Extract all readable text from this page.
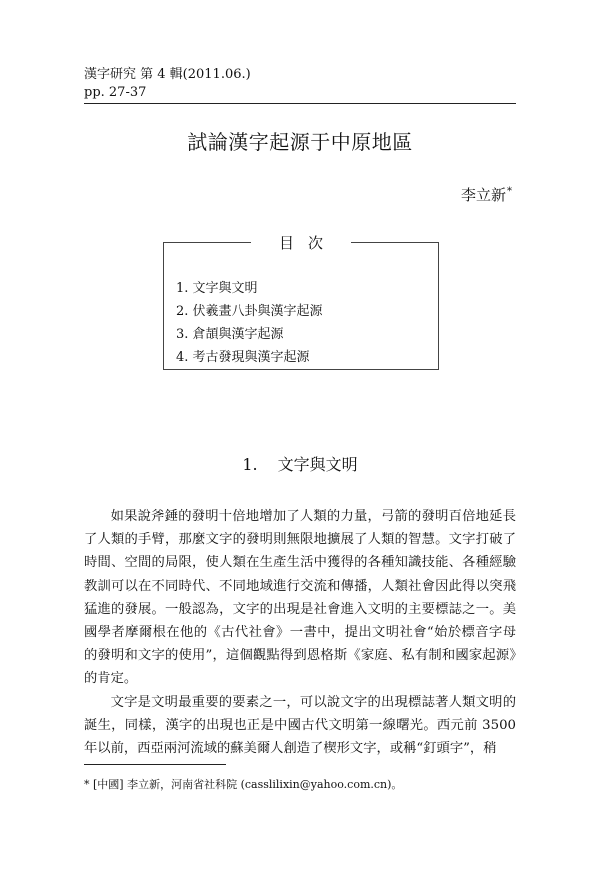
漢字研究 第 4 輯(2011.06.)
pp. 27-37
試論漢字起源于中原地區
李立新*
目次
1. 文字與文明
2. 伏羲畫八卦與漢字起源
3. 倉頡與漢字起源
4. 考古發現與漢字起源
1. 文字與文明

如果說斧錘的發明十倍地增加了人類的力量，弓箭的發明百倍地延長了人類的手臂，那麼文字的發明則無限地擴展了人類的智慧。文字打破了時間、空間的局限，使人類在生產生活中獲得的各種知識技能、各種經驗教訓可以在不同時代、不同地域進行交流和傳播，人類社會因此得以突飛猛進的發展。一般認為，文字的出現是社會進入文明的主要標誌之一。美國學者摩爾根在他的《古代社會》一書中，提出文明社會“始於標音字母的發明和文字的使用”，這個觀點得到恩格斯《家庭、私有制和國家起源》的肯定。

文字是文明最重要的要素之一，可以說文字的出現標誌著人類文明的誕生，同樣，漢字的出現也正是中國古代文明第一線曙光。西元前 3500 年以前，西亞兩河流域的蘇美爾人創造了楔形文字，或稱“釘頭字”，稍

* [中國] 李立新，河南省社科院 (casslilixin@yahoo.com.cn)。
